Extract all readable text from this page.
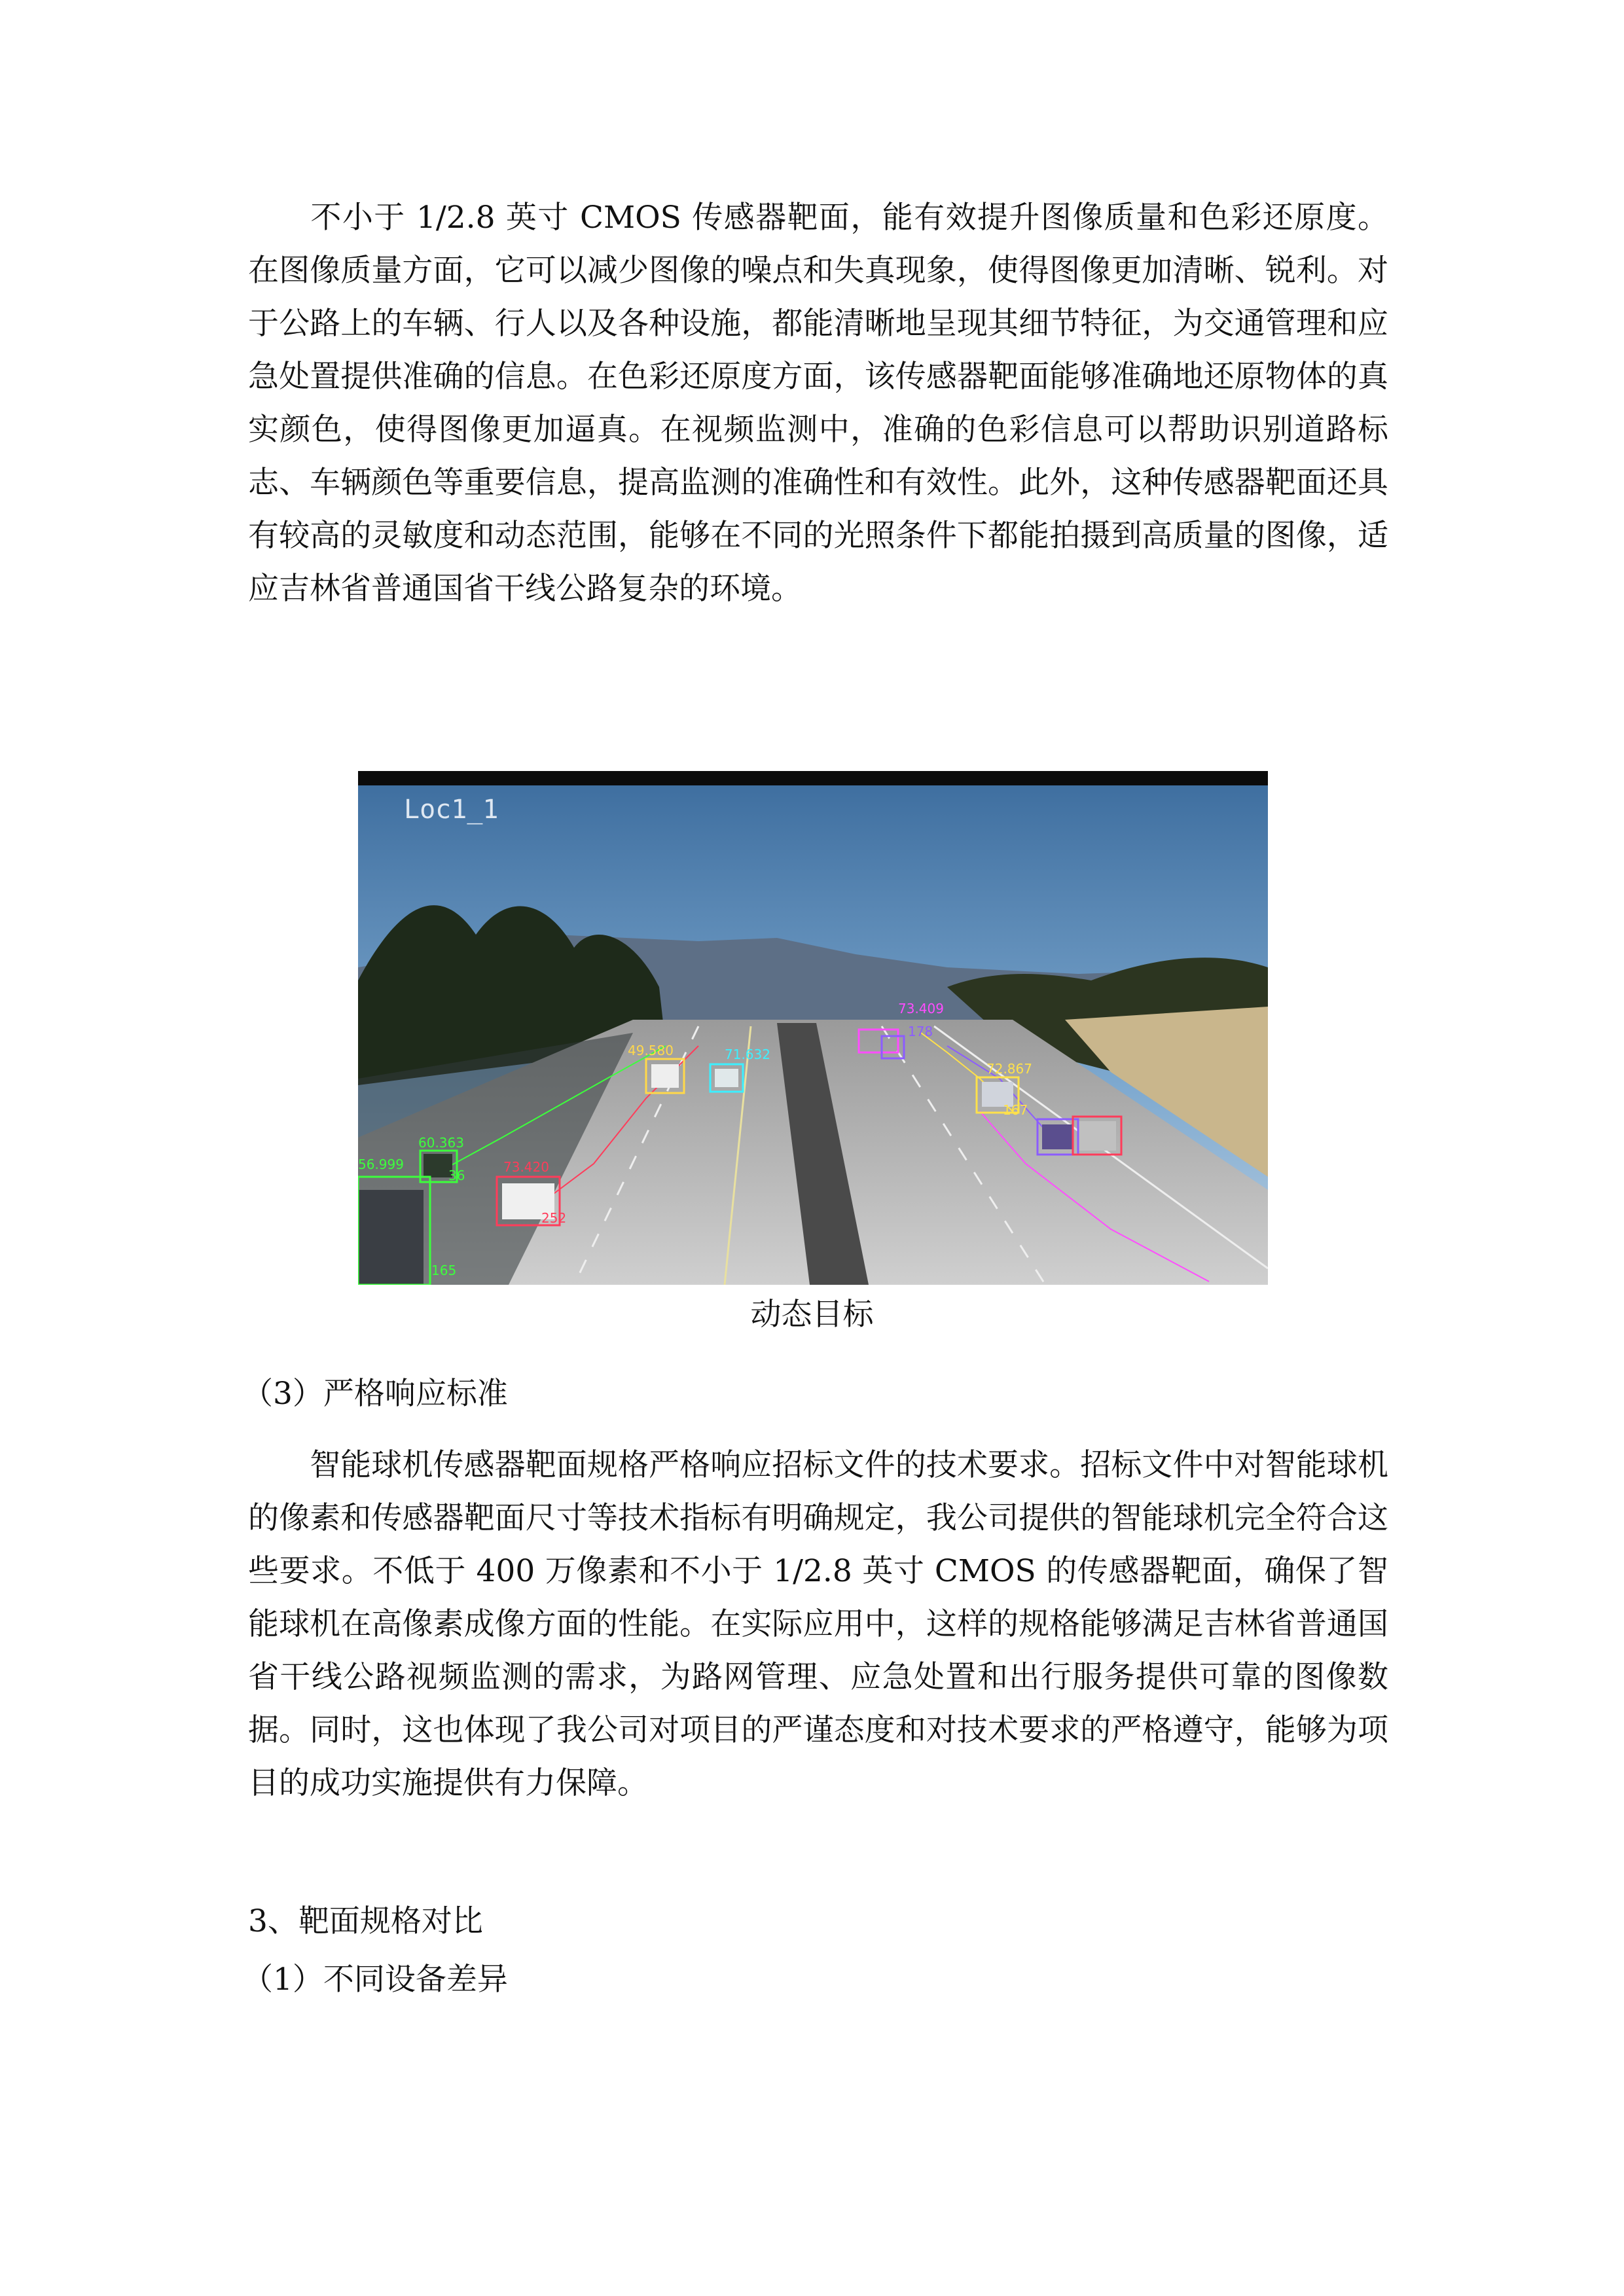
不小于 1/2.8 英寸 CMOS 传感器靶面，能有效提升图像质量和色彩还原度。在图像质量方面，它可以减少图像的噪点和失真现象，使得图像更加清晰、锐利。对于公路上的车辆、行人以及各种设施，都能清晰地呈现其细节特征，为交通管理和应急处置提供准确的信息。在色彩还原度方面，该传感器靶面能够准确地还原物体的真实颜色，使得图像更加逼真。在视频监测中，准确的色彩信息可以帮助识别道路标志、车辆颜色等重要信息，提高监测的准确性和有效性。此外，这种传感器靶面还具有较高的灵敏度和动态范围，能够在不同的光照条件下都能拍摄到高质量的图像，适应吉林省普通国省干线公路复杂的环境。

49.580
60.363
56.999	73.420
252
36
165
71.632
73.409
178
72.867
167
Loc1_1
动态目标
（3）严格响应标准

智能球机传感器靶面规格严格响应招标文件的技术要求。招标文件中对智能球机的像素和传感器靶面尺寸等技术指标有明确规定，我公司提供的智能球机完全符合这些要求。不低于 400 万像素和不小于 1/2.8 英寸 CMOS 的传感器靶面，确保了智能球机在高像素成像方面的性能。在实际应用中，这样的规格能够满足吉林省普通国省干线公路视频监测的需求，为路网管理、应急处置和出行服务提供可靠的图像数据。同时，这也体现了我公司对项目的严谨态度和对技术要求的严格遵守，能够为项目的成功实施提供有力保障。

3、靶面规格对比
（1）不同设备差异
